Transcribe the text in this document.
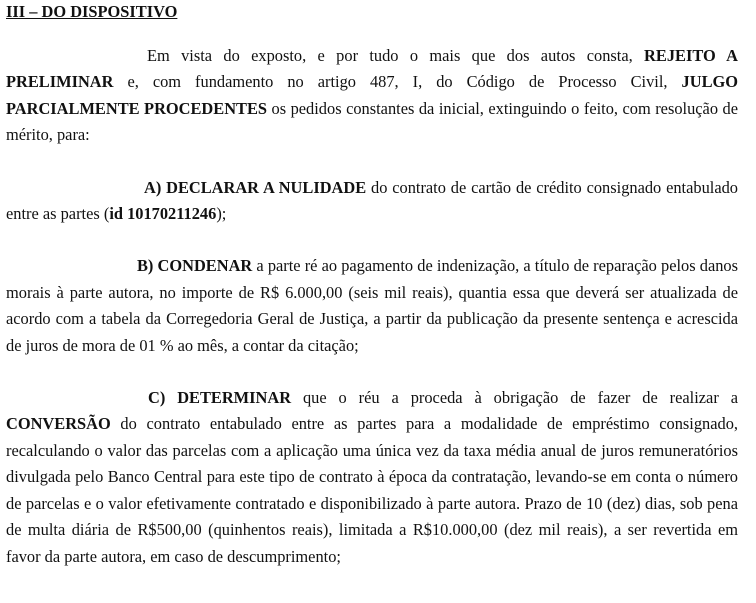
III – DO DISPOSITIVO

Em vista do exposto, e por tudo o mais que dos autos consta, REJEITO A PRELIMINAR e, com fundamento no artigo 487, I, do Código de Processo Civil, JULGO PARCIALMENTE PROCEDENTES os pedidos constantes da inicial, extinguindo o feito, com resolução de mérito, para:

A) DECLARAR A NULIDADE do contrato de cartão de crédito consignado entabulado entre as partes (id 10170211246);

B) CONDENAR a parte ré ao pagamento de indenização, a título de reparação pelos danos morais à parte autora, no importe de R$ 6.000,00 (seis mil reais), quantia essa que deverá ser atualizada de acordo com a tabela da Corregedoria Geral de Justiça, a partir da publicação da presente sentença e acrescida de juros de mora de 01 % ao mês, a contar da citação;

C) DETERMINAR que o réu a proceda à obrigação de fazer de realizar a CONVERSÃO do contrato entabulado entre as partes para a modalidade de empréstimo consignado, recalculando o valor das parcelas com a aplicação uma única vez da taxa média anual de juros remuneratórios divulgada pelo Banco Central para este tipo de contrato à época da contratação, levando-se em conta o número de parcelas e o valor efetivamente contratado e disponibilizado à parte autora. Prazo de 10 (dez) dias, sob pena de multa diária de R$500,00 (quinhentos reais), limitada a R$10.000,00 (dez mil reais), a ser revertida em favor da parte autora, em caso de descumprimento;
